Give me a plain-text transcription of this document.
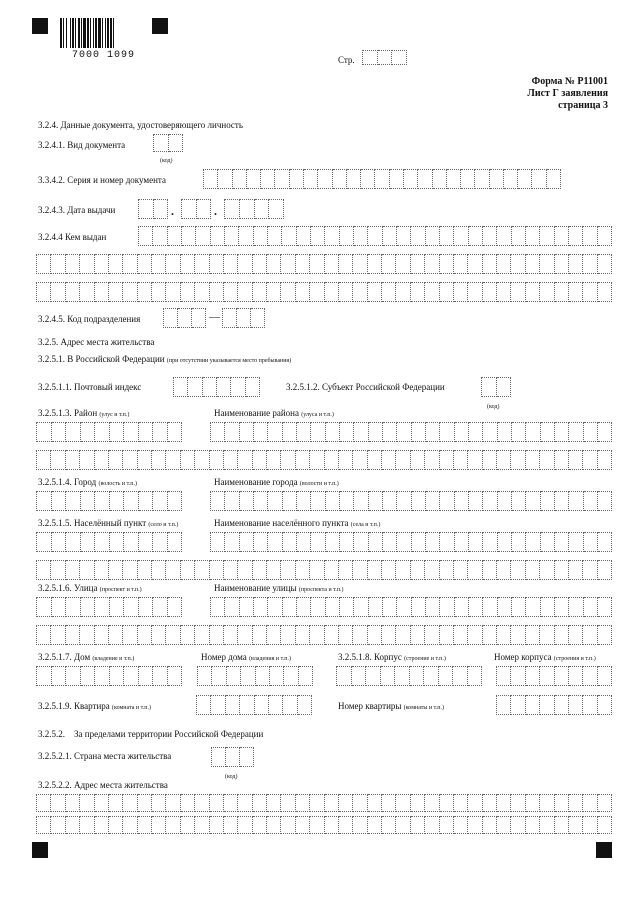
7000 1099	Стр.
Форма № Р11001
Лист Г заявления
страница 3
3.2.4. Данные документа, удостоверяющего личность
3.2.4.1. Вид документа
(код)
3.3.4.2. Серия и номер документа
3.2.4.3. Дата выдачи	.	.
3.2.4.4 Кем выдан
3.2.4.5. Код подразделения	—
3.2.5. Адрес места жительства
3.2.5.1. В Российской Федерации (при отсутствии указывается место пребывания)
3.2.5.1.1. Почтовый индекс	3.2.5.1.2. Субъект Российской Федерации
(код)
3.2.5.1.3. Район (улус и т.п.)	Наименование района (улуса и т.п.)
3.2.5.1.4. Город (волость и т.п.)	Наименование города (волости и т.п.)
3.2.5.1.5. Населённый пункт (село и т.п.)	Наименование населённого пункта (села и т.п.)
3.2.5.1.6. Улица (проспект и т.п.)	Наименование улицы (проспекта и т.п.)
3.2.5.1.7. Дом (владение и т.п.)	Номер дома (владения и т.п.)	3.2.5.1.8. Корпус (строение и т.п.)	Номер корпуса (строения и т.п.)
3.2.5.1.9. Квартира (комната и т.п.)	Номер квартиры (комнаты и т.п.)
3.2.5.2.    За пределами территории Российской Федерации
3.2.5.2.1. Страна места жительства
(код)
3.2.5.2.2. Адрес места жительства
